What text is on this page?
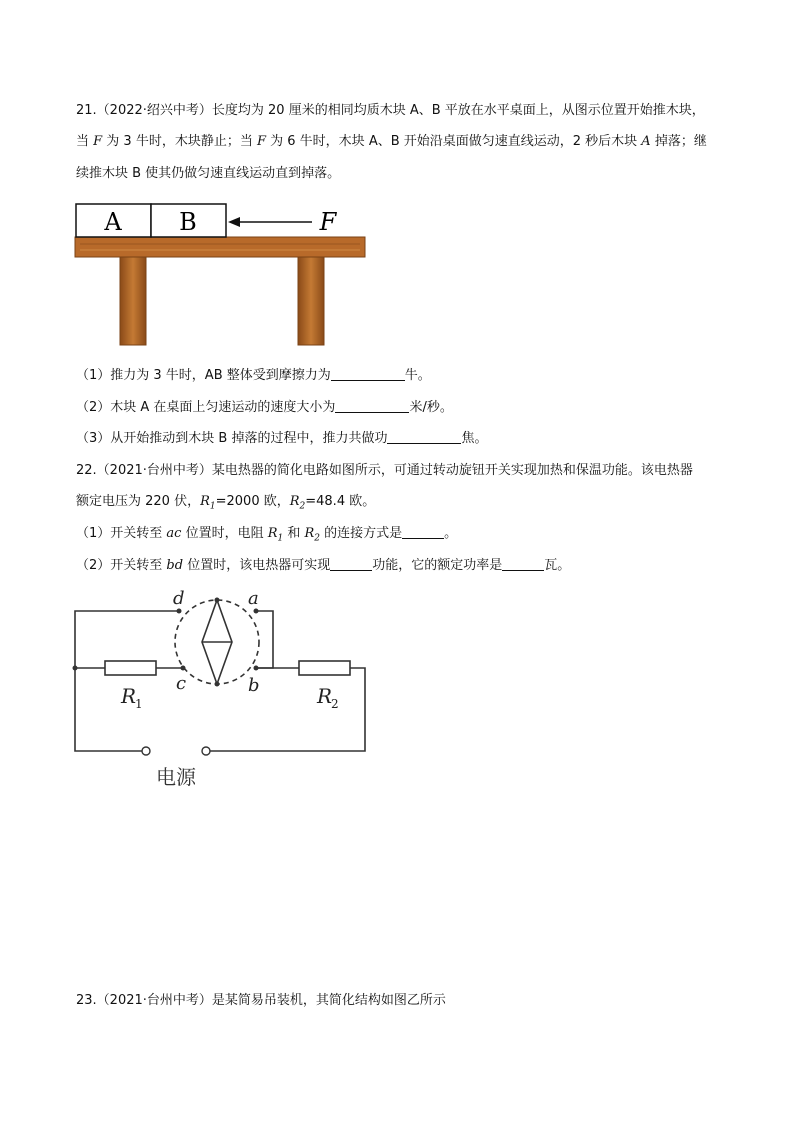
21.（2022·绍兴中考）长度均为 20 厘米的相同均质木块 A、B 平放在水平桌面上，从图示位置开始推木块，
当 F 为 3 牛时，木块静止；当 F 为 6 牛时，木块 A、B 开始沿桌面做匀速直线运动，2 秒后木块 A 掉落；继
续推木块 B 使其仍做匀速直线运动直到掉落。
A B	F
（1）推力为 3 牛时，AB 整体受到摩擦力为	牛。
（2）木块 A 在桌面上匀速运动的速度大小为	米/秒。
（3）从开始推动到木块 B 掉落的过程中，推力共做功	焦。
22.（2021·台州中考）某电热器的简化电路如图所示，可通过转动旋钮开关实现加热和保温功能。该电热器
额定电压为 220 伏，$R_1=2000$ 欧，$R_2=48.4$ 欧。
（1）开关转至 ac 位置时，电阻 $R_1$ 和 $R_2$ 的连接方式是	。
（2）开关转至 bd 位置时，该电热器可实现	功能，它的额定功率是	瓦。
d	a
c	b
R
1	R
2
电源
23.（2021·台州中考）是某简易吊装机，其简化结构如图乙所示
